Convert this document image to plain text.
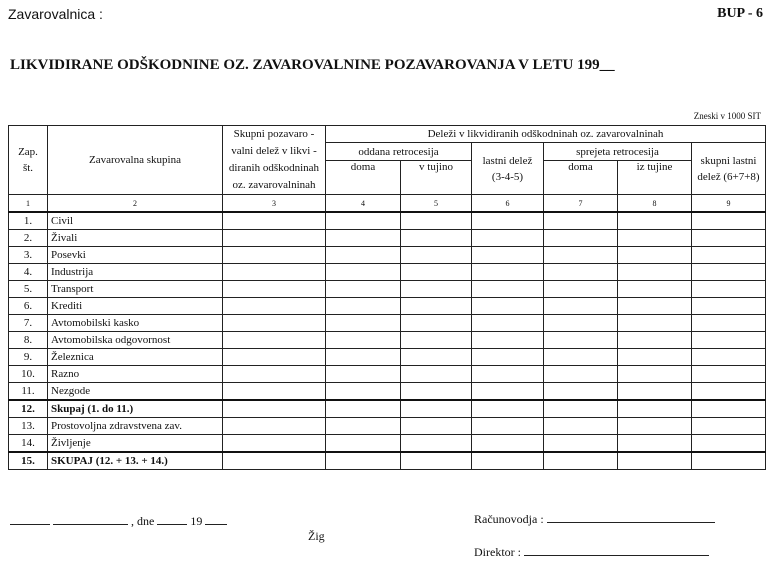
Zavarovalnica :	BUP - 6
LIKVIDIRANE ODŠKODNINE OZ. ZAVAROVALNINE POZAVAROVANJA V LETU 199__
Zneski v 1000 SIT
Zap. št.	Zavarovalna skupina	Skupni pozavaro - valni delež v likvi - diranih odškodninah oz. zavarovalninah	Deleži v likvidiranih odškodninah oz. zavarovalninah					
			oddana retrocesija		lastni delež (3-4-5)	sprejeta retrocesija		skupni lastni delež (6+7+8)
			doma	v tujino		doma	iz tujine	
1	2	3	4	5	6	7	8	9
1.	Civil							
2.	Živali							
3.	Posevki							
4.	Industrija							
5.	Transport							
6.	Krediti							
7.	Avtomobilski kasko							
8.	Avtomobilska odgovornost							
9.	Železnica							
10.	Razno							
11.	Nezgode							
12.	Skupaj (1. do 11.)							
13.	Prostovoljna zdravstvena zav.							
14.	Življenje							
15.	SKUPAJ (12. + 13. + 14.)							
, dne	19
Žig
Računovodja :
Direktor :
